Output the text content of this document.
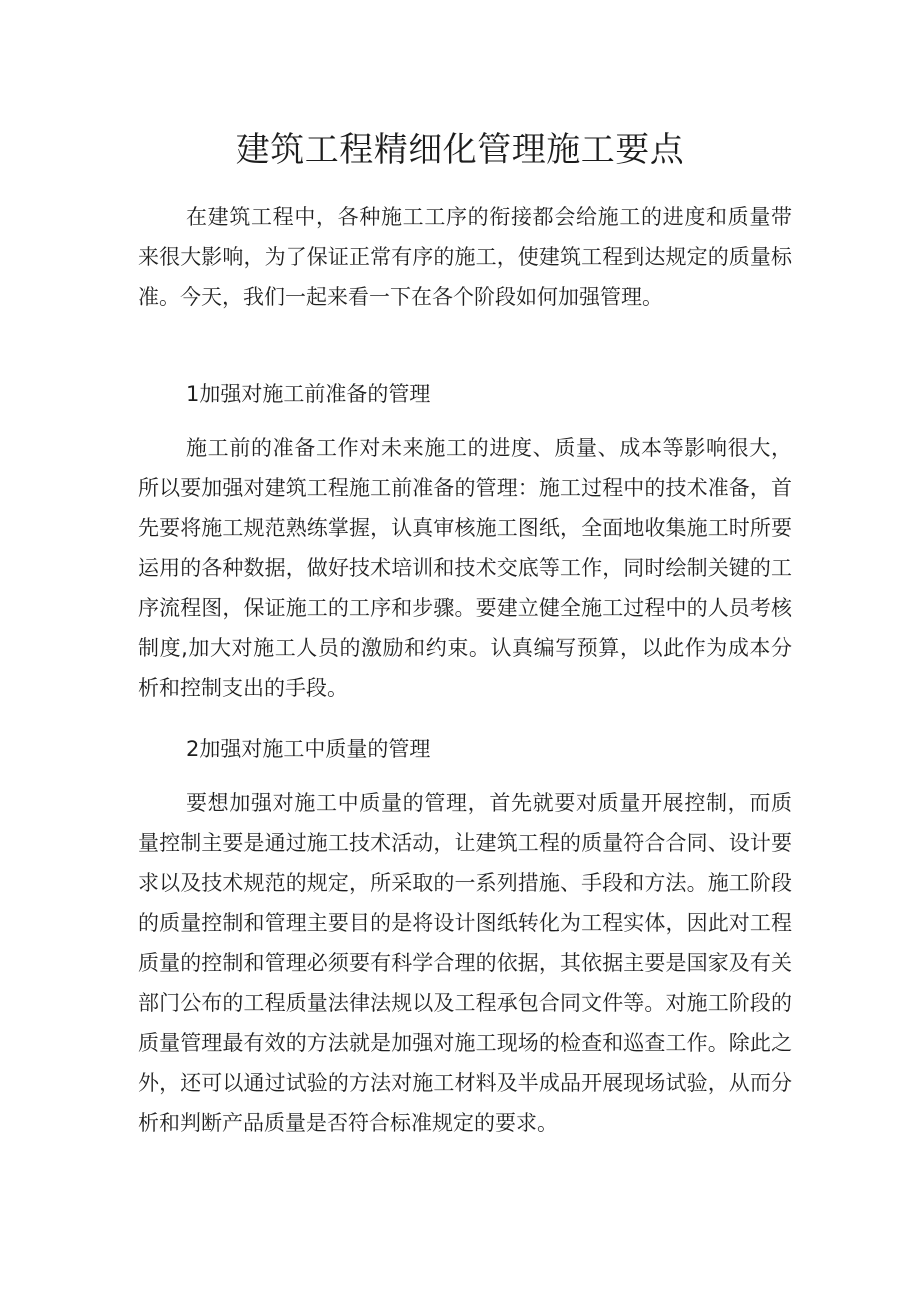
建筑工程精细化管理施工要点

在建筑工程中，各种施工工序的衔接都会给施工的进度和质量带来很大影响，为了保证正常有序的施工，使建筑工程到达规定的质量标准。今天，我们一起来看一下在各个阶段如何加强管理。

1加强对施工前准备的管理

施工前的准备工作对未来施工的进度、质量、成本等影响很大，所以要加强对建筑工程施工前准备的管理：施工过程中的技术准备，首先要将施工规范熟练掌握，认真审核施工图纸，全面地收集施工时所要运用的各种数据，做好技术培训和技术交底等工作，同时绘制关键的工序流程图，保证施工的工序和步骤。要建立健全施工过程中的人员考核制度,加大对施工人员的激励和约束。认真编写预算，以此作为成本分析和控制支出的手段。

2加强对施工中质量的管理

要想加强对施工中质量的管理，首先就要对质量开展控制，而质量控制主要是通过施工技术活动，让建筑工程的质量符合合同、设计要求以及技术规范的规定，所采取的一系列措施、手段和方法。施工阶段的质量控制和管理主要目的是将设计图纸转化为工程实体，因此对工程质量的控制和管理必须要有科学合理的依据，其依据主要是国家及有关部门公布的工程质量法律法规以及工程承包合同文件等。对施工阶段的质量管理最有效的方法就是加强对施工现场的检查和巡查工作。除此之外，还可以通过试验的方法对施工材料及半成品开展现场试验，从而分析和判断产品质量是否符合标准规定的要求。
